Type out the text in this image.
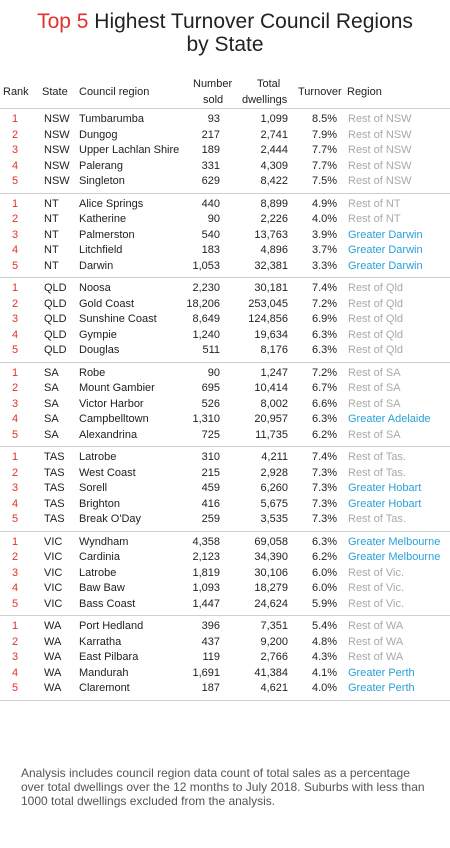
Top 5 Highest Turnover Council Regions
by State
Rank State Council region
Number
sold
Total
dwellings
Turnover Region
1 NSW Tumbarumba	93	1,099 8.5% Rest of NSW
2 NSW Dungog	217	2,741 7.9% Rest of NSW
3 NSW Upper Lachlan Shire 189	2,444 7.7% Rest of NSW
4 NSW Palerang	331	4,309 7.7% Rest of NSW
5 NSW Singleton	629	8,422 7.5% Rest of NSW
1 NT Alice Springs	440	8,899 4.9% Rest of NT
2 NT Katherine	90	2,226 4.0% Rest of NT
3 NT Palmerston	540	13,763 3.9% Greater Darwin
4 NT Litchfield	183	4,896 3.7% Greater Darwin
5 NT Darwin	1,053	32,381 3.3% Greater Darwin
1 QLD Noosa	2,230	30,181 7.4% Rest of Qld
2 QLD Gold Coast	18,206	253,045 7.2% Rest of Qld
3 QLD Sunshine Coast	8,649	124,856 6.9% Rest of Qld
4 QLD Gympie	1,240	19,634 6.3% Rest of Qld
5 QLD Douglas	511	8,176 6.3% Rest of Qld
1 SA Robe	90	1,247 7.2% Rest of SA
2 SA Mount Gambier	695	10,414 6.7% Rest of SA
3 SA Victor Harbor	526	8,002 6.6% Rest of SA
4 SA Campbelltown	1,310	20,957 6.3% Greater Adelaide
5 SA Alexandrina	725	11,735 6.2% Rest of SA
1 TAS Latrobe	310	4,211 7.4% Rest of Tas.
2 TAS West Coast	215	2,928 7.3% Rest of Tas.
3 TAS Sorell	459	6,260 7.3% Greater Hobart
4 TAS Brighton	416	5,675 7.3% Greater Hobart
5 TAS Break O'Day	259	3,535 7.3% Rest of Tas.
1 VIC Wyndham	4,358	69,058 6.3% Greater Melbourne
2 VIC Cardinia	2,123	34,390 6.2% Greater Melbourne
3 VIC Latrobe	1,819	30,106 6.0% Rest of Vic.
4 VIC Baw Baw	1,093	18,279 6.0% Rest of Vic.
5 VIC Bass Coast	1,447	24,624 5.9% Rest of Vic.
1 WA Port Hedland	396	7,351 5.4% Rest of WA
2 WA Karratha	437	9,200 4.8% Rest of WA
3 WA East Pilbara	119	2,766 4.3% Rest of WA
4 WA Mandurah	1,691	41,384 4.1% Greater Perth
5 WA Claremont	187	4,621 4.0% Greater Perth
Analysis includes council region data count of total sales as a percentage over total dwellings over the 12 months to July 2018. Suburbs with less than 1000 total dwellings excluded from the analysis.
